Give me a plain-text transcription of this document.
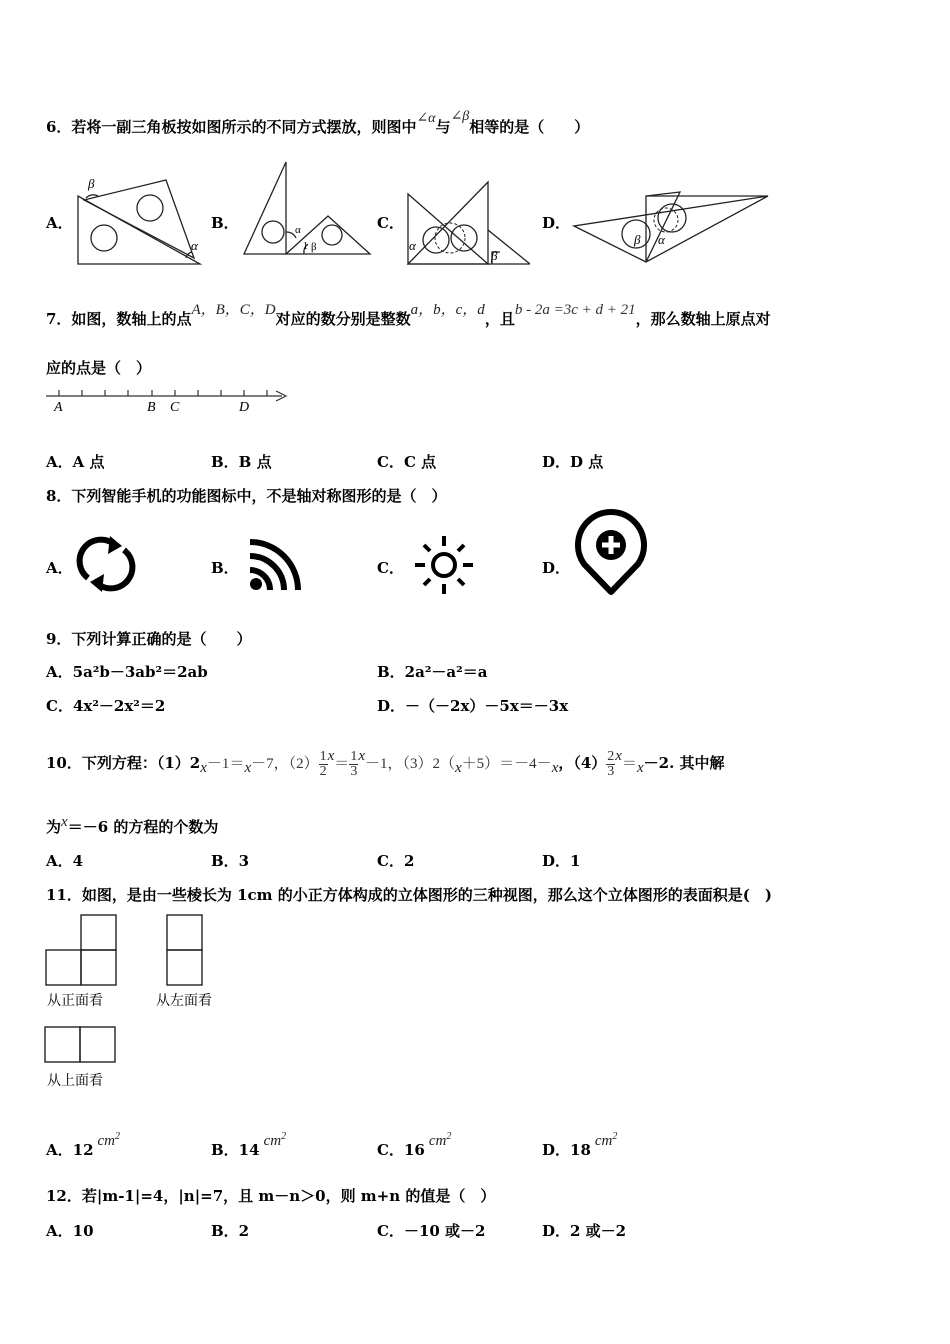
6．若将一副三角板按如图所示的不同方式摆放，则图中∠α与∠β相等的是（　　）
A．	B．	C．	D．
β
α
α
1 β	α
β
β α
7．如图，数轴上的点A，B，C，D对应的数分别是整数a，b，c，d，且b - 2a =3c + d + 21，那么数轴上原点对
应的点是（　）
A	B C	D
A．A 点	B．B 点	C．C 点	D．D 点
8．下列智能手机的功能图标中，不是轴对称图形的是（　）
A．	B．	C．	D．
9．下列计算正确的是（　　）
A．5a²b－3ab²＝2ab	B．2a²－a²＝a
C．4x²－2x²＝2	D．－（－2x）－5x＝－3x
10．下列方程：（1）2x－1＝x－7，$(2) \frac{1}{2} x= \frac{1}{3} x-1$，（3）2（x＋5）＝－4－x，$(4) \frac{2}{3} x=x-2$. 其中解
为x＝－6 的方程的个数为
A．4	B．3	C．2	D．1
11．如图，是由一些棱长为 1cm 的小正方体构成的立体图形的三种视图，那么这个立体图形的表面积是(　)
从正面看	从左面看
从上面看
A．12 $cm^2$
B．14 $cm^2$
C．16 $cm^2$
D．18 $cm^2$
12．若|m-1|=4，|n|=7，且 m－n＞0，则 m+n 的值是（　）
A．10	B．2	C．－10 或－2	D．2 或－2
